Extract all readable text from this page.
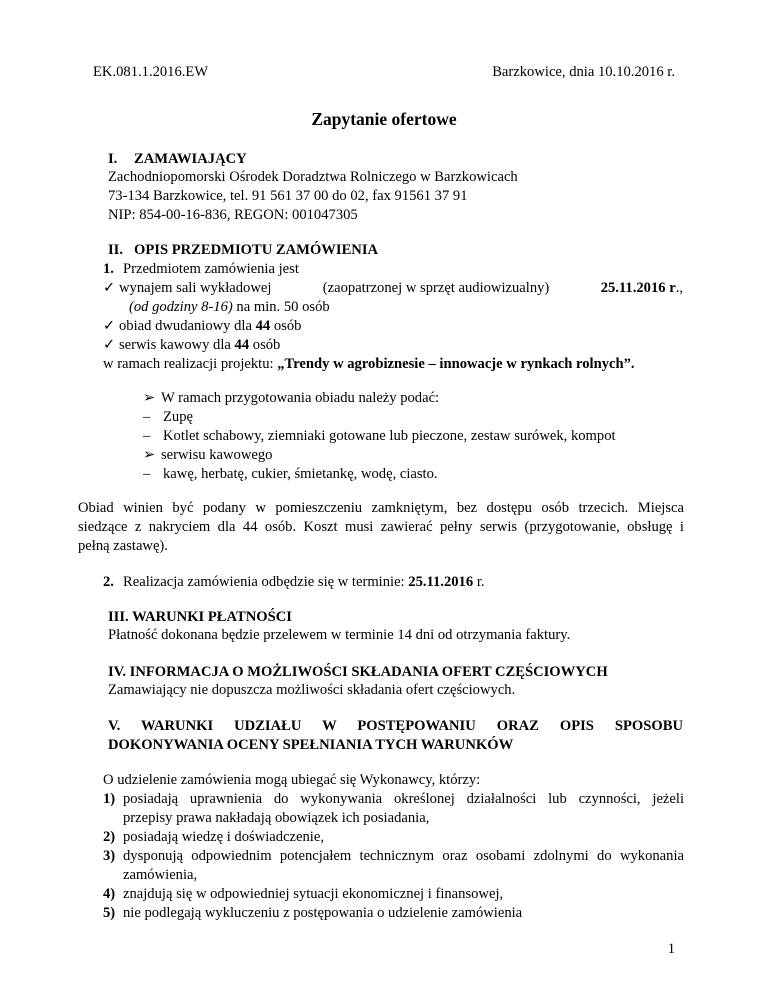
EK.081.1.2016.EW	Barzkowice, dnia 10.10.2016 r.
Zapytanie ofertowe
I. ZAMAWIAJĄCY
Zachodniopomorski Ośrodek Doradztwa Rolniczego w Barzkowicach
73-134 Barzkowice, tel. 91 561 37 00 do 02, fax 91561 37 91
NIP: 854-00-16-836, REGON: 001047305
II. OPIS PRZEDMIOTU ZAMÓWIENIA
1. Przedmiotem zamówienia jest
✓ wynajem sali wykładowej	(zaopatrzonej w sprzęt audiowizualny)	25.11.2016 r.,
(od godziny 8-16) na min. 50 osób
✓ obiad dwudaniowy dla 44 osób
✓ serwis kawowy dla 44 osób
w ramach realizacji projektu: „Trendy w agrobiznesie – innowacje w rynkach rolnych”.
➢ W ramach przygotowania obiadu należy podać:
– Zupę
– Kotlet schabowy, ziemniaki gotowane lub pieczone, zestaw surówek, kompot
➢ serwisu kawowego
– kawę, herbatę, cukier, śmietankę, wodę, ciasto.
Obiad winien być podany w pomieszczeniu zamkniętym, bez dostępu osób trzecich. Miejsca
siedzące z nakryciem dla 44 osób. Koszt musi zawierać pełny serwis (przygotowanie, obsługę i
pełną zastawę).
2. Realizacja zamówienia odbędzie się w terminie: 25.11.2016 r.
III. WARUNKI PŁATNOŚCI
Płatność dokonana będzie przelewem w terminie 14 dni od otrzymania faktury.
IV. INFORMACJA O MOŻLIWOŚCI SKŁADANIA OFERT CZĘŚCIOWYCH
Zamawiający nie dopuszcza możliwości składania ofert częściowych.
V. WARUNKI UDZIAŁU W POSTĘPOWANIU ORAZ OPIS SPOSOBU
DOKONYWANIA OCENY SPEŁNIANIA TYCH WARUNKÓW
O udzielenie zamówienia mogą ubiegać się Wykonawcy, którzy:
1) posiadają uprawnienia do wykonywania określonej działalności lub czynności, jeżeli
przepisy prawa nakładają obowiązek ich posiadania,
2) posiadają wiedzę i doświadczenie,
3) dysponują odpowiednim potencjałem technicznym oraz osobami zdolnymi do wykonania
zamówienia,
4) znajdują się w odpowiedniej sytuacji ekonomicznej i finansowej,
5) nie podlegają wykluczeniu z postępowania o udzielenie zamówienia
1
